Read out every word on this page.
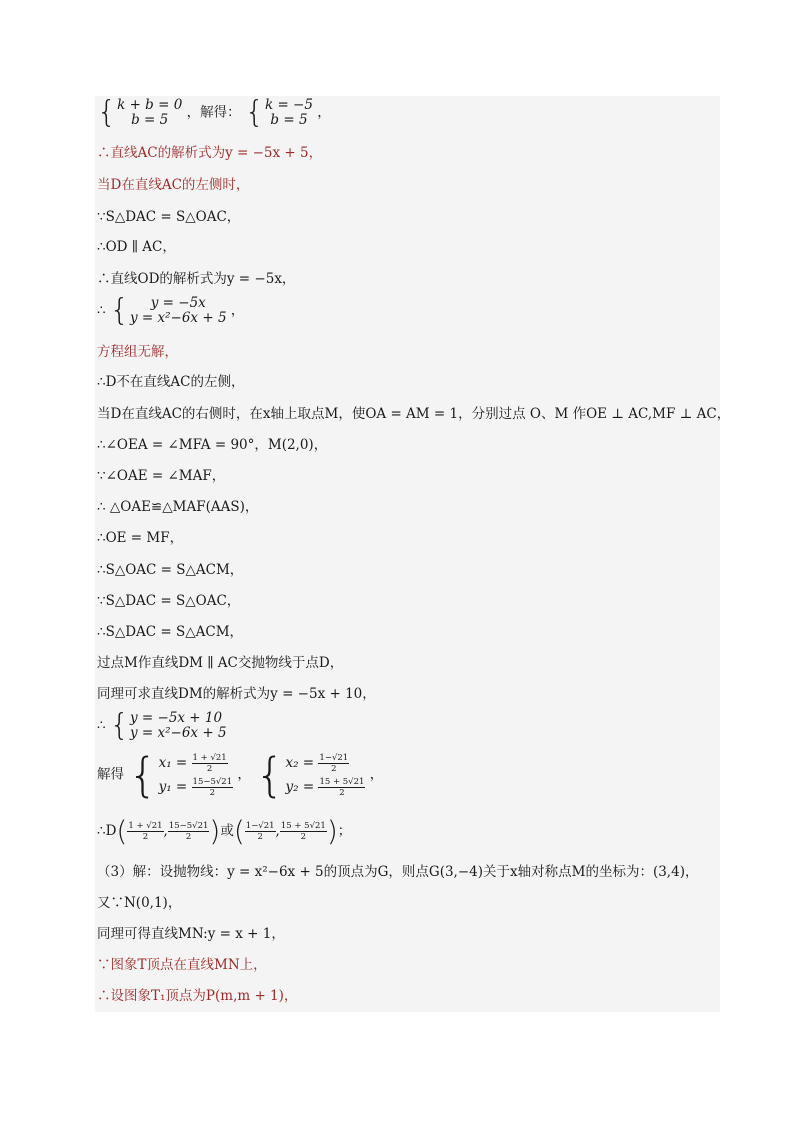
{ k + b = 0
b = 5	，解得： { k = −5
b = 5 ，
∴直线AC的解析式为y = −5x + 5，
当D在直线AC的左侧时，
∵S△DAC = S△OAC，
∴OD ∥ AC，
∴直线OD的解析式为y = −5x，
∴ {	y = −5x
y = x²−6x + 5 ，
方程组无解，
∴D不在直线AC的左侧，
当D在直线AC的右侧时，在x轴上取点M，使OA = AM = 1，分别过点 O、M 作OE ⊥ AC,MF ⊥ AC，
∴∠OEA = ∠MFA = 90°，M(2,0)，
∵∠OAE = ∠MAF，
∴ △OAE≌△MAF(AAS)，
∴OE = MF，
∴S△OAC = S△ACM，
∵S△DAC = S△OAC，
∴S△DAC = S△ACM，
过点M作直线DM ∥ AC交抛物线于点D，
同理可求直线DM的解析式为y = −5x + 10，
∴ { y = −5x + 10
y = x²−6x + 5
解得 { $x_1 = \frac{1 + √21}{2}$
$y_1 = \frac{15-5√21}{2}$
， { $x_2 = \frac{1-√21}{2}$
$y_2 = \frac{15 + 5√21}{2}$
，
∴D( $\frac{1 + √21}{2}$ , $\frac{15-5√21}{2}$ )或( $\frac{1-√21}{2}$ , $\frac{15 + 5√21}{2}$ )；
（3）解：设抛物线：y = x²−6x + 5的顶点为G，则点G(3,−4)关于x轴对称点M的坐标为：(3,4)，
又∵N(0,1)，
同理可得直线MN:y = x + 1，
∵图象T顶点在直线MN上，
∴设图象T₁顶点为P(m,m + 1)，
